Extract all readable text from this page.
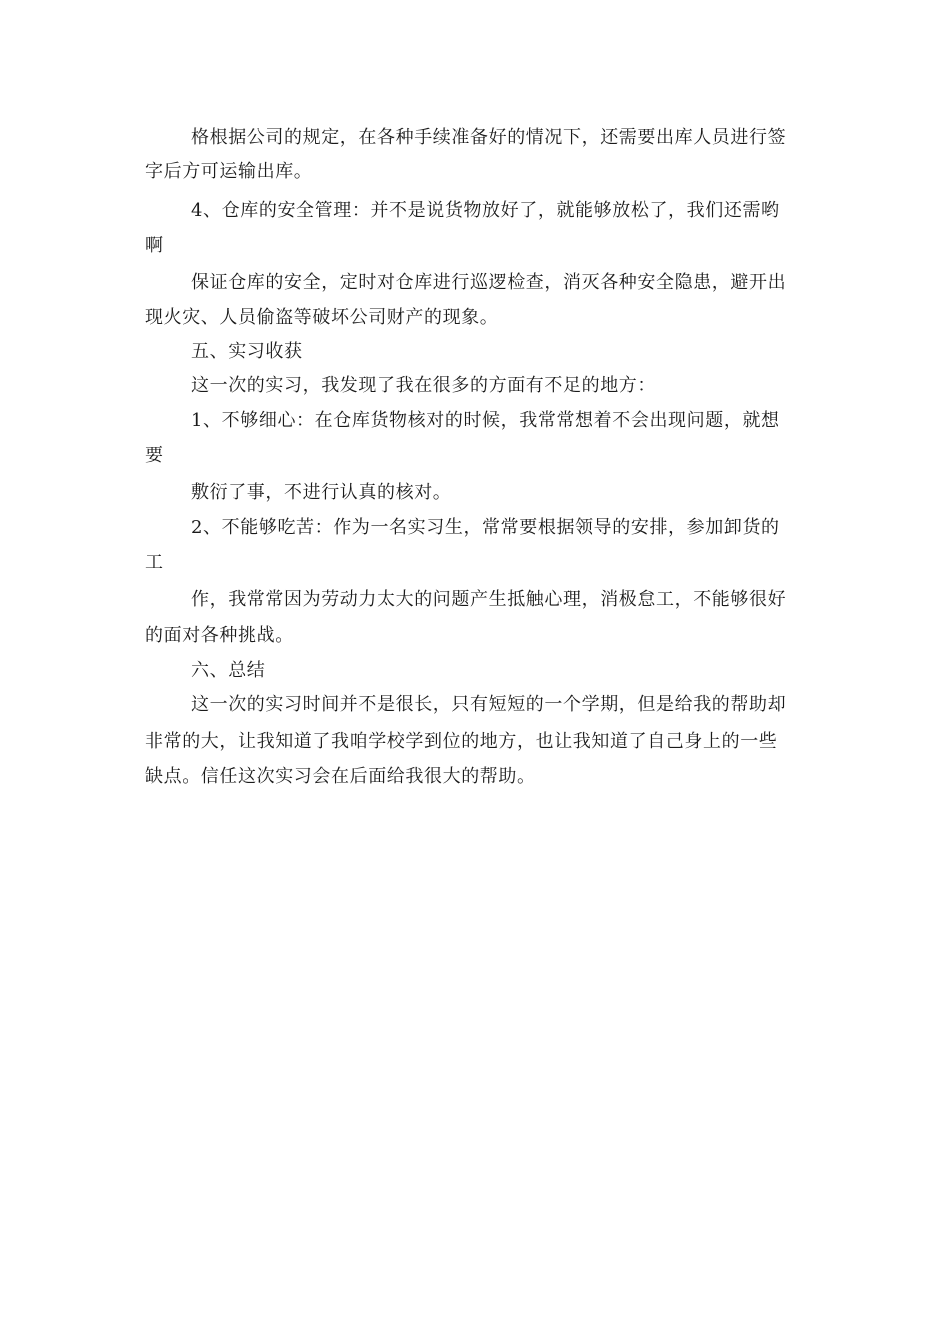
格根据公司的规定，在各种手续准备好的情况下，还需要出库人员进行签
字后方可运输出库。
4、仓库的安全管理：并不是说货物放好了，就能够放松了，我们还需哟
啊
保证仓库的安全，定时对仓库进行巡逻检查，消灭各种安全隐患，避开出
现火灾、人员偷盗等破坏公司财产的现象。
五、实习收获
这一次的实习，我发现了我在很多的方面有不足的地方：
1、不够细心：在仓库货物核对的时候，我常常想着不会出现问题，就想
要
敷衍了事，不进行认真的核对。
2、不能够吃苦：作为一名实习生，常常要根据领导的安排，参加卸货的
工
作，我常常因为劳动力太大的问题产生抵触心理，消极怠工，不能够很好
的面对各种挑战。
六、总结
这一次的实习时间并不是很长，只有短短的一个学期，但是给我的帮助却
非常的大，让我知道了我咱学校学到位的地方，也让我知道了自己身上的一些
缺点。信任这次实习会在后面给我很大的帮助。
